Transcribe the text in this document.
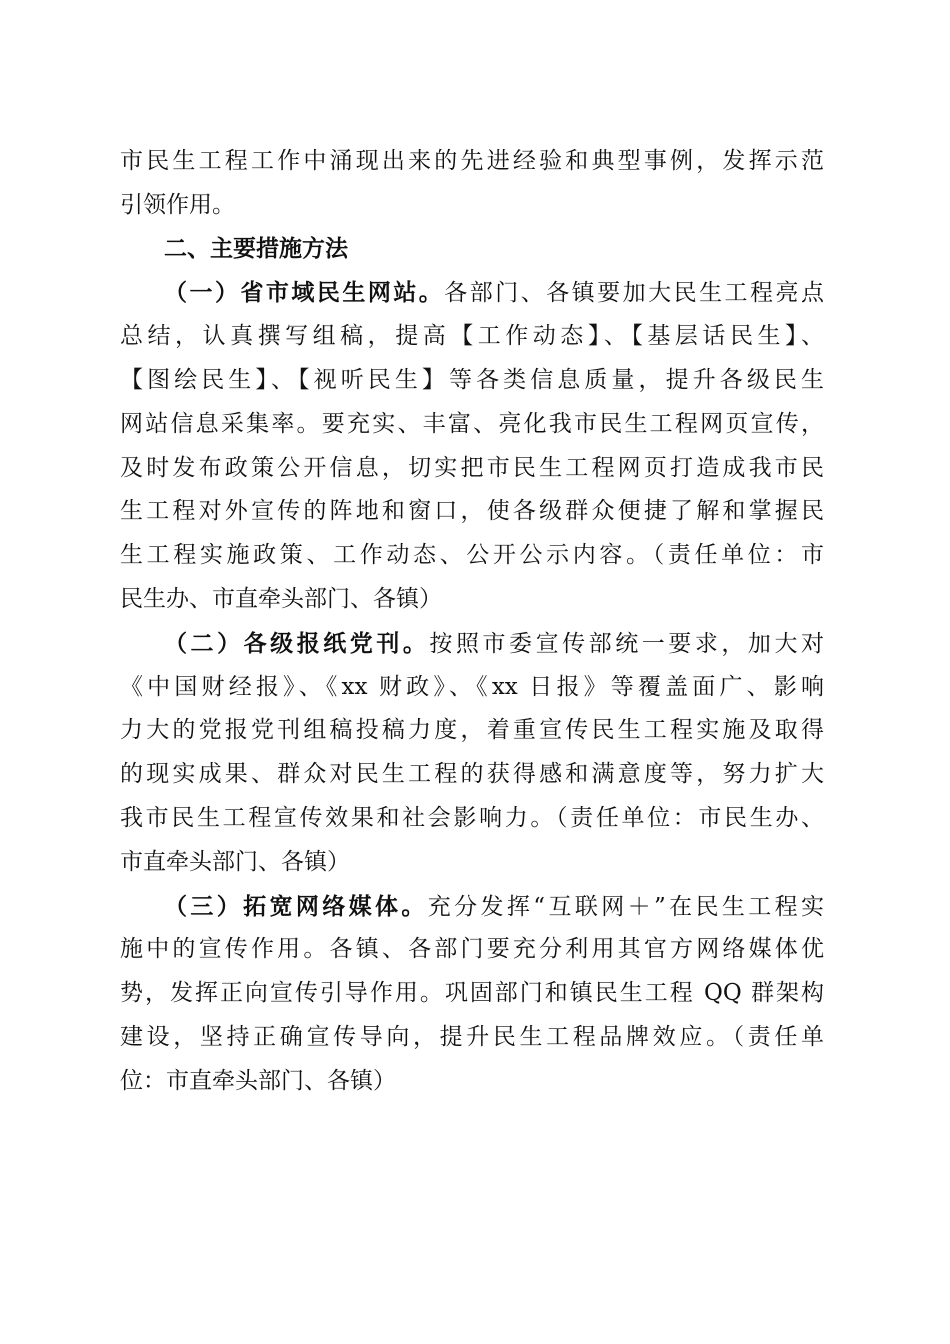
市民生工程工作中涌现出来的先进经验和典型事例，发挥示范
引领作用。
二、主要措施方法
（一）省市域民生网站。各部门、各镇要加大民生工程亮点
总结，认真撰写组稿，提高【工作动态】、【基层话民生】、
【图绘民生】、【视听民生】等各类信息质量，提升各级民生
网站信息采集率。要充实、丰富、亮化我市民生工程网页宣传，
及时发布政策公开信息，切实把市民生工程网页打造成我市民
生工程对外宣传的阵地和窗口，使各级群众便捷了解和掌握民
生工程实施政策、工作动态、公开公示内容。（责任单位：市
民生办、市直牵头部门、各镇）
（二）各级报纸党刊。按照市委宣传部统一要求，加大对
《中国财经报》、《xx 财政》、《xx 日报》等覆盖面广、影响
力大的党报党刊组稿投稿力度，着重宣传民生工程实施及取得
的现实成果、群众对民生工程的获得感和满意度等，努力扩大
我市民生工程宣传效果和社会影响力。（责任单位：市民生办、
市直牵头部门、各镇）
（三）拓宽网络媒体。充分发挥“互联网＋”在民生工程实
施中的宣传作用。各镇、各部门要充分利用其官方网络媒体优
势，发挥正向宣传引导作用。巩固部门和镇民生工程 QQ 群架构
建设，坚持正确宣传导向，提升民生工程品牌效应。（责任单
位：市直牵头部门、各镇）
